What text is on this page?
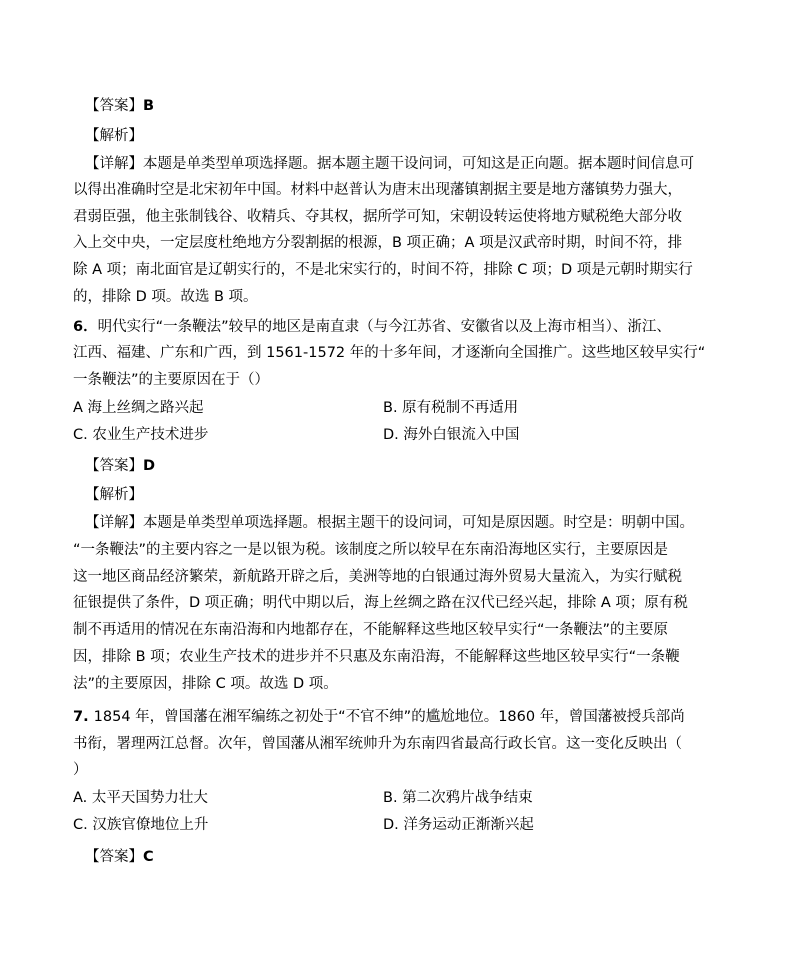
【答案】B
【解析】
【详解】本题是单类型单项选择题。据本题主题干设问词，可知这是正向题。据本题时间信息可
以得出准确时空是北宋初年中国。材料中赵普认为唐末出现藩镇割据主要是地方藩镇势力强大，
君弱臣强，他主张制钱谷、收精兵、夺其权，据所学可知，宋朝设转运使将地方赋税绝大部分收
入上交中央，一定层度杜绝地方分裂割据的根源，B 项正确；A 项是汉武帝时期，时间不符，排
除 A 项；南北面官是辽朝实行的，不是北宋实行的，时间不符，排除 C 项；D 项是元朝时期实行
的，排除 D 项。故选 B 项。
6．明代实行“一条鞭法”较早的地区是南直隶（与今江苏省、安徽省以及上海市相当）、浙江、
江西、福建、广东和广西，到 1561-1572 年的十多年间，才逐渐向全国推广。这些地区较早实行“
一条鞭法”的主要原因在于（）
A 海上丝绸之路兴起	B. 原有税制不再适用
C. 农业生产技术进步	D. 海外白银流入中国
【答案】D
【解析】
【详解】本题是单类型单项选择题。根据主题干的设问词，可知是原因题。时空是：明朝中国。
“一条鞭法”的主要内容之一是以银为税。该制度之所以较早在东南沿海地区实行，主要原因是
这一地区商品经济繁荣，新航路开辟之后，美洲等地的白银通过海外贸易大量流入，为实行赋税
征银提供了条件，D 项正确；明代中期以后，海上丝绸之路在汉代已经兴起，排除 A 项；原有税
制不再适用的情况在东南沿海和内地都存在，不能解释这些地区较早实行“一条鞭法”的主要原
因，排除 B 项；农业生产技术的进步并不只惠及东南沿海，不能解释这些地区较早实行“一条鞭
法”的主要原因，排除 C 项。故选 D 项。
7. 1854 年，曾国藩在湘军编练之初处于“不官不绅”的尴尬地位。1860 年，曾国藩被授兵部尚
书衔，署理两江总督。次年，曾国藩从湘军统帅升为东南四省最高行政长官。这一变化反映出（
）
A. 太平天国势力壮大	B. 第二次鸦片战争结束
C. 汉族官僚地位上升	D. 洋务运动正渐渐兴起
【答案】C
